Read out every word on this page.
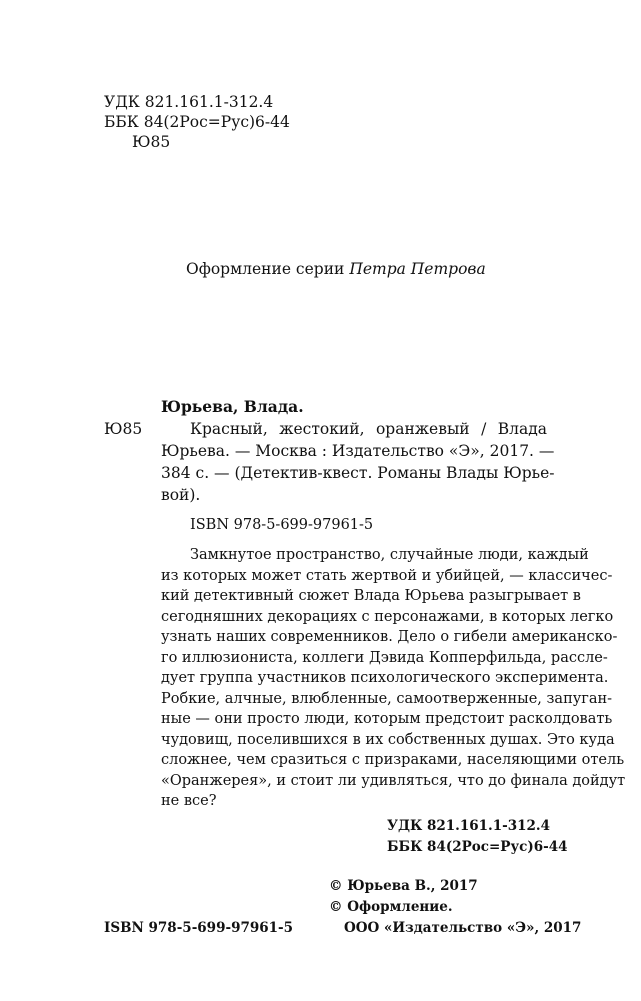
УДК 821.161.1-312.4
ББК 84(2Рос=Рус)6-44
Ю85
Оформление серии Петра Петрова
Юрьева, Влада.
Ю85	Красный, жестокий, оранжевый / Влада
Юрьева. — Москва : Издательство «Э», 2017. —
384 с. — (Детектив-квест. Романы Влады Юрье-
вой).
ISBN 978-5-699-97961-5
Замкнутое пространство, случайные люди, каждый
из которых может стать жертвой и убийцей, — классичес-
кий детективный сюжет Влада Юрьева разыгрывает в
сегодняшних декорациях с персонажами, в которых легко
узнать наших современников. Дело о гибели американско-
го иллюзиониста, коллеги Дэвида Копперфильда, рассле-
дует группа участников психологического эксперимента.
Робкие, алчные, влюбленные, самоотверженные, запуган-
ные — они просто люди, которым предстоит расколдовать
чудовищ, поселившихся в их собственных душах. Это куда
сложнее, чем сразиться с призраками, населяющими отель
«Оранжерея», и стоит ли удивляться, что до финала дойдут
не все?
УДК 821.161.1-312.4
ББК 84(2Рос=Рус)6-44
© Юрьева В., 2017
© Оформление.
ООО «Издательство «Э», 2017
ISBN 978-5-699-97961-5
